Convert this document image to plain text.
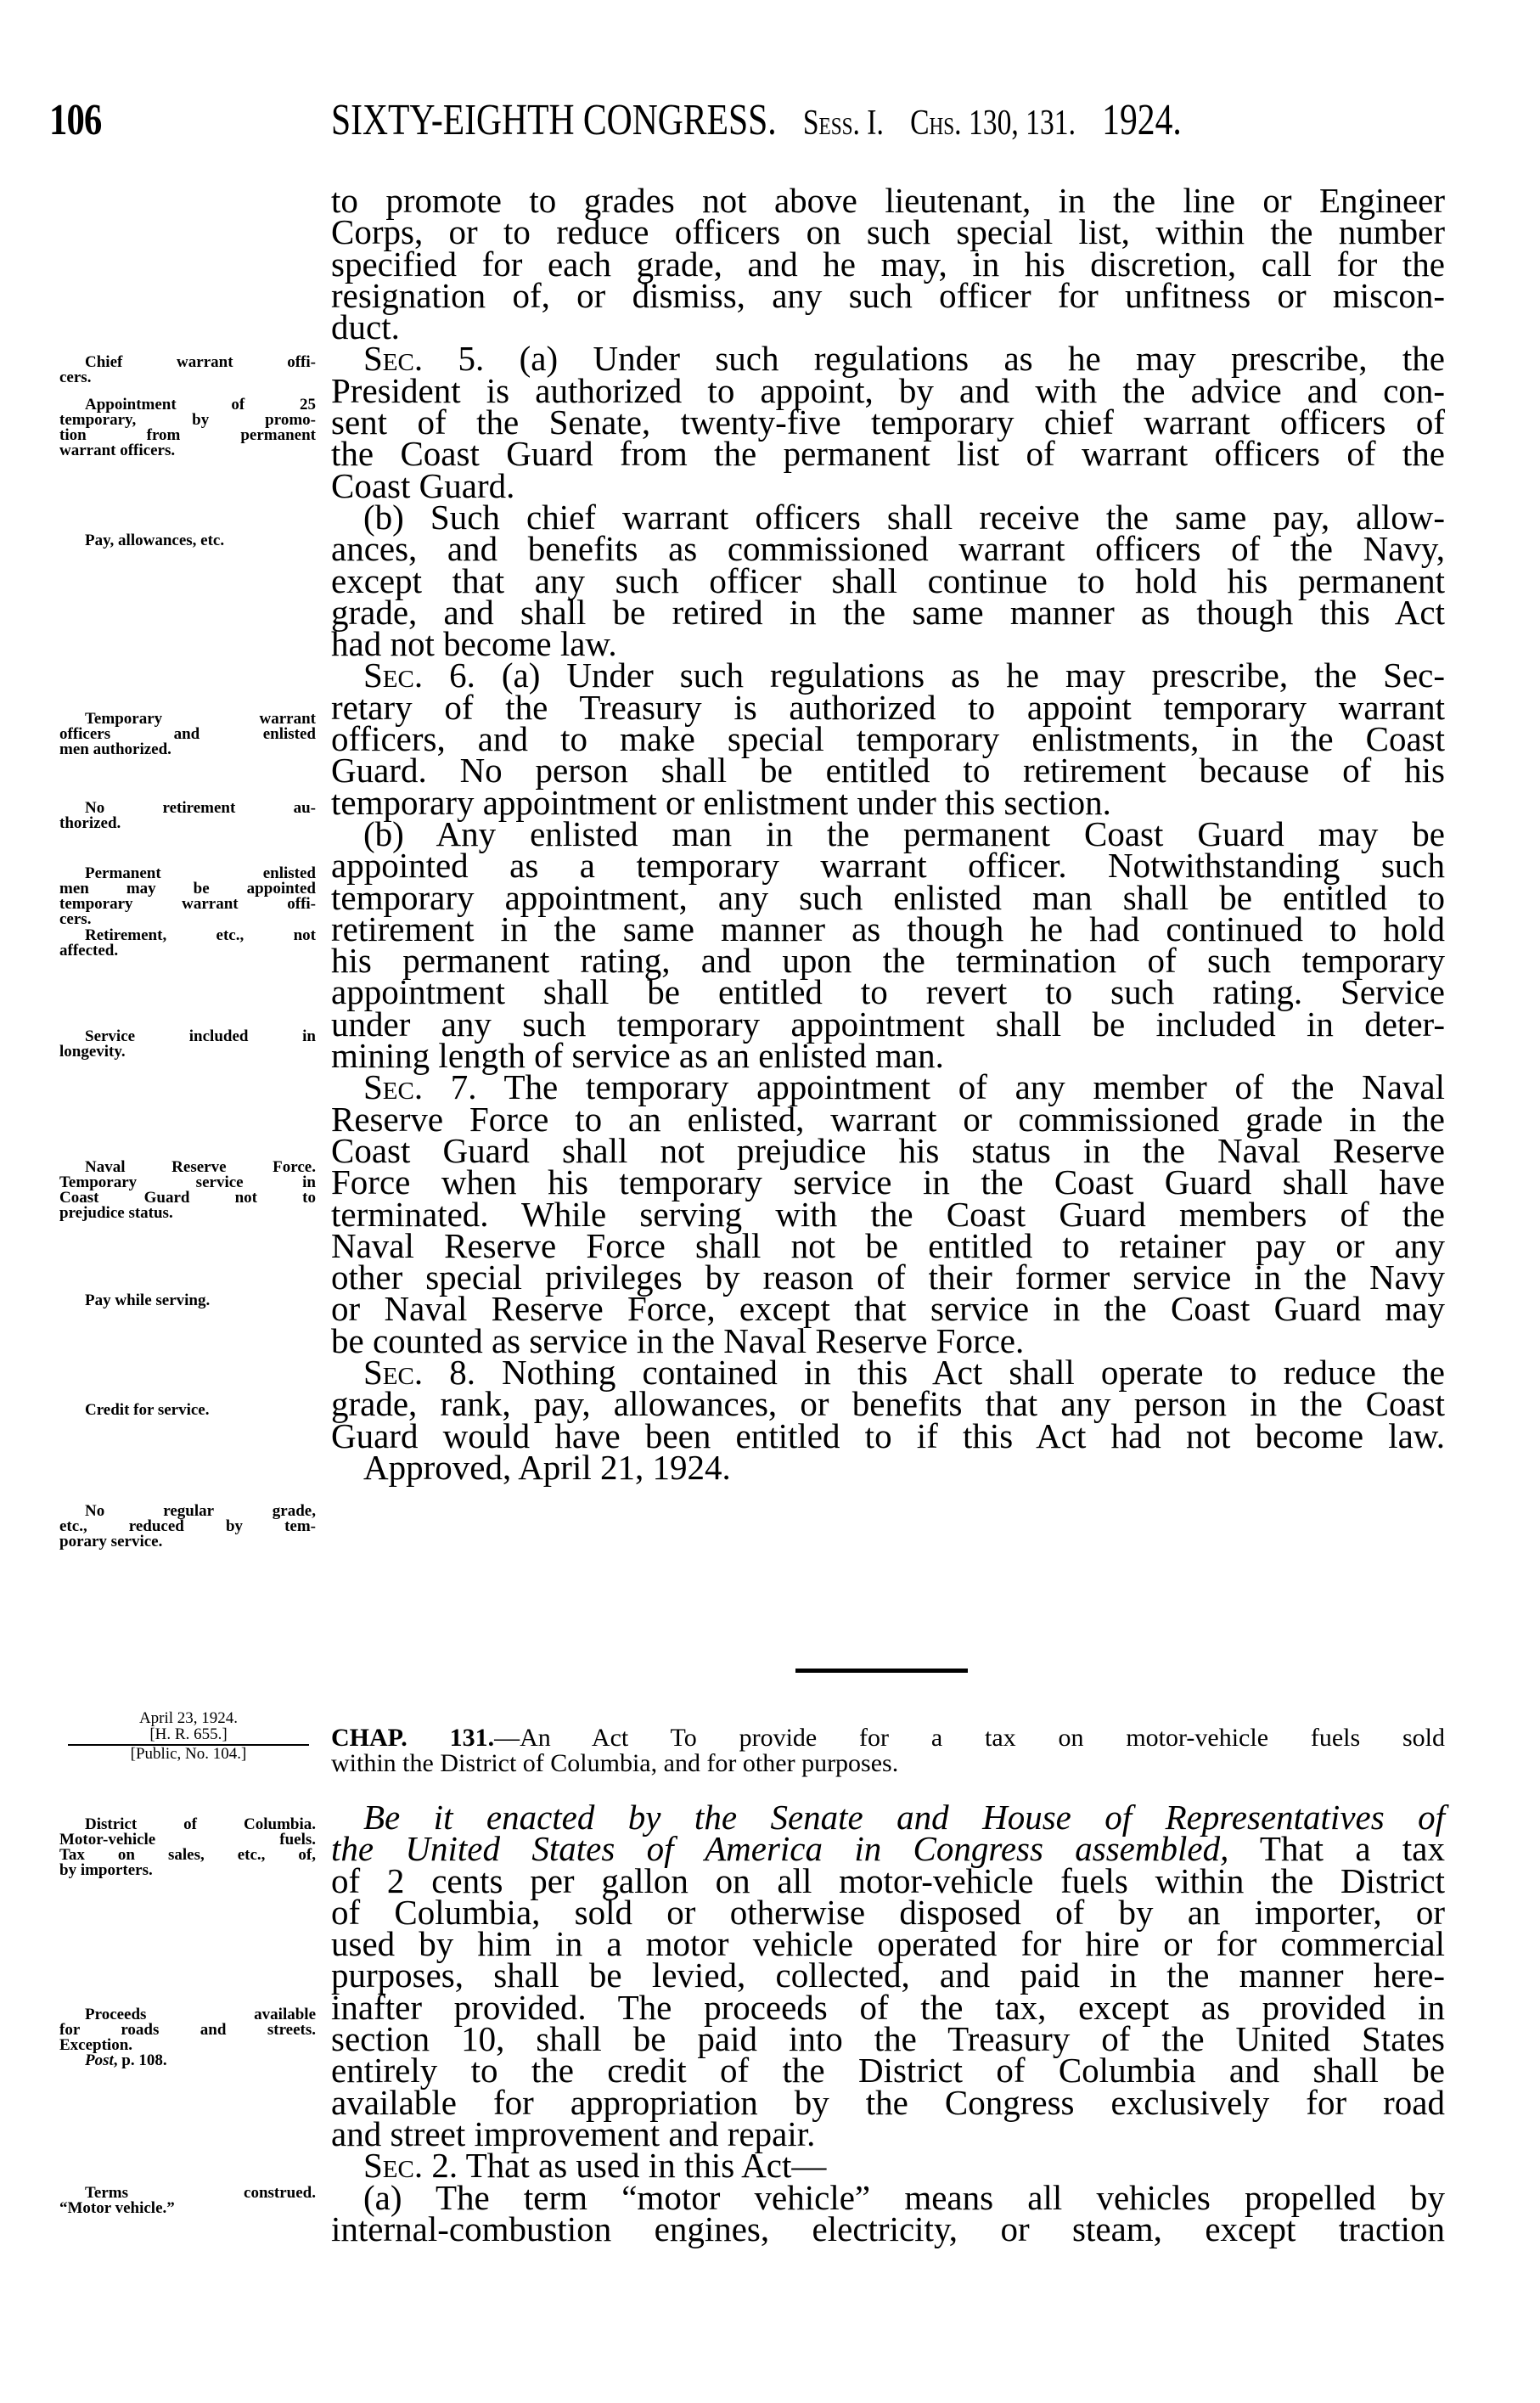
106	SIXTY-EIGHTH CONGRESS. Sess. I. Chs. 130, 131. 1924.
to promote to grades not above lieutenant, in the line or Engineer
Corps, or to reduce officers on such special list, within the number
specified for each grade, and he may, in his discretion, call for the
resignation of, or dismiss, any such officer for unfitness or miscon-
duct.
Sec. 5. (a) Under such regulations as he may prescribe, the
President is authorized to appoint, by and with the advice and con-
sent of the Senate, twenty-five temporary chief warrant officers of
the Coast Guard from the permanent list of warrant officers of the
Coast Guard.
(b) Such chief warrant officers shall receive the same pay, allow-
ances, and benefits as commissioned warrant officers of the Navy,
except that any such officer shall continue to hold his permanent
grade, and shall be retired in the same manner as though this Act
had not become law.
Sec. 6. (a) Under such regulations as he may prescribe, the Sec-
retary of the Treasury is authorized to appoint temporary warrant
officers, and to make special temporary enlistments, in the Coast
Guard. No person shall be entitled to retirement because of his
temporary appointment or enlistment under this section.
(b) Any enlisted man in the permanent Coast Guard may be
appointed as a temporary warrant officer. Notwithstanding such
temporary appointment, any such enlisted man shall be entitled to
retirement in the same manner as though he had continued to hold
his permanent rating, and upon the termination of such temporary
appointment shall be entitled to revert to such rating. Service
under any such temporary appointment shall be included in deter-
mining length of service as an enlisted man.
Sec. 7. The temporary appointment of any member of the Naval
Reserve Force to an enlisted, warrant or commissioned grade in the
Coast Guard shall not prejudice his status in the Naval Reserve
Force when his temporary service in the Coast Guard shall have
terminated. While serving with the Coast Guard members of the
Naval Reserve Force shall not be entitled to retainer pay or any
other special privileges by reason of their former service in the Navy
or Naval Reserve Force, except that service in the Coast Guard may
be counted as service in the Naval Reserve Force.
Sec. 8. Nothing contained in this Act shall operate to reduce the
grade, rank, pay, allowances, or benefits that any person in the Coast
Guard would have been entitled to if this Act had not become law.
Approved, April 21, 1924.
Chief warrant offi-
cers.
Appointment of 25
temporary, by promo-
tion from permanent
warrant officers.
Pay, allowances, etc.
Temporary warrant
officers and enlisted
men authorized.
No retirement au-
thorized.
Permanent enlisted
men may be appointed
temporary warrant offi-
cers.
Retirement, etc., not
affected.
Service included in
longevity.
Naval Reserve Force.
Temporary service in
Coast Guard not to
prejudice status.
Pay while serving.
Credit for service.
No regular grade,
etc., reduced by tem-
porary service.
April 23, 1924.
[H. R. 655.]
[Public, No. 104.]
CHAP. 131.—An Act To provide for a tax on motor-vehicle fuels sold
within the District of Columbia, and for other purposes.
Be it enacted by the Senate and House of Representatives of
the United States of America in Congress assembled, That a tax
of 2 cents per gallon on all motor-vehicle fuels within the District
of Columbia, sold or otherwise disposed of by an importer, or
used by him in a motor vehicle operated for hire or for commercial
purposes, shall be levied, collected, and paid in the manner here-
inafter provided. The proceeds of the tax, except as provided in
section 10, shall be paid into the Treasury of the United States
entirely to the credit of the District of Columbia and shall be
available for appropriation by the Congress exclusively for road
and street improvement and repair.
Sec. 2. That as used in this Act—
(a) The term “motor vehicle” means all vehicles propelled by
internal-combustion engines, electricity, or steam, except traction
District of Columbia.
Motor-vehicle fuels.
Tax on sales, etc., of,
by importers.
Proceeds available
for roads and streets.
Exception.
Post, p. 108.
Terms construed.
“Motor vehicle.”
